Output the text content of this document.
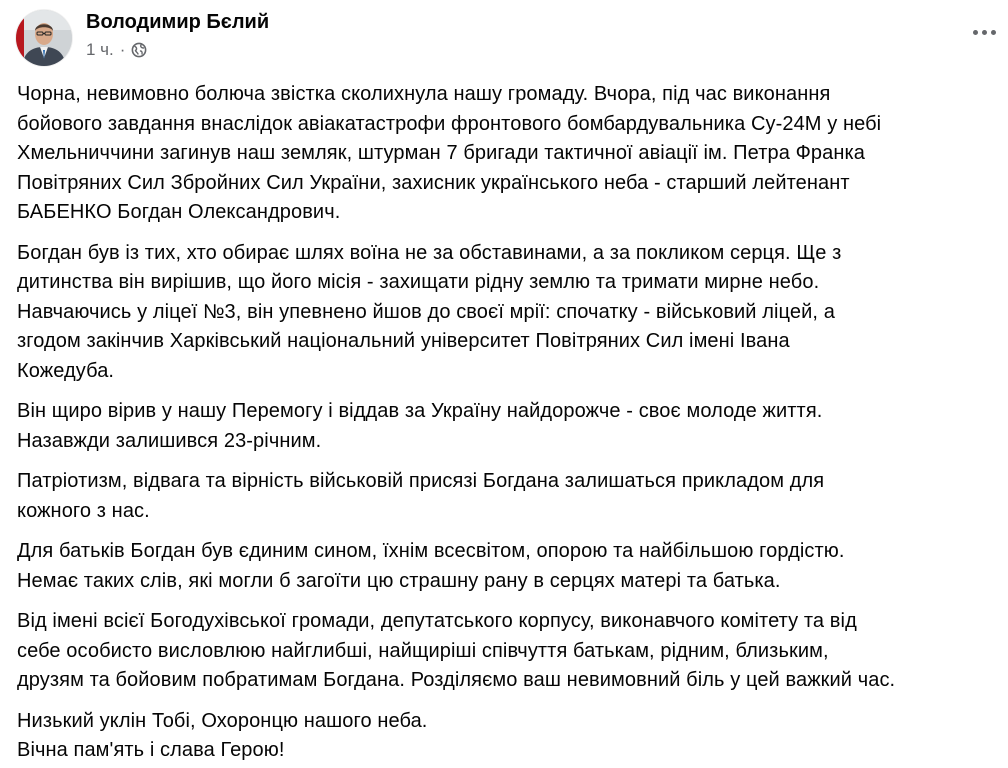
Володимир Бєлий
1 ч. ·

Чорна, невимовно болюча звістка сколихнула нашу громаду. Вчора, під час виконання
бойового завдання внаслідок авіакатастрофи фронтового бомбардувальника Су-24М у небі
Хмельниччини загинув наш земляк, штурман 7 бригади тактичної авіації ім. Петра Франка
Повітряних Сил Збройних Сил України, захисник українського неба - старший лейтенант
БАБЕНКО Богдан Олександрович.

Богдан був із тих, хто обирає шлях воїна не за обставинами, а за покликом серця. Ще з
дитинства він вирішив, що його місія - захищати рідну землю та тримати мирне небо.
Навчаючись у ліцеї №3, він упевнено йшов до своєї мрії: спочатку - військовий ліцей, а
згодом закінчив Харківський національний університет Повітряних Сил імені Івана
Кожедуба.

Він щиро вірив у нашу Перемогу і віддав за Україну найдорожче - своє молоде життя.
Назавжди залишився 23-річним.

Патріотизм, відвага та вірність військовій присязі Богдана залишаться прикладом для
кожного з нас.

Для батьків Богдан був єдиним сином, їхнім всесвітом, опорою та найбільшою гордістю.
Немає таких слів, які могли б загоїти цю страшну рану в серцях матері та батька.

Від імені всієї Богодухівської громади, депутатського корпусу, виконавчого комітету та від
себе особисто висловлюю найглибші, найщиріші співчуття батькам, рідним, близьким,
друзям та бойовим побратимам Богдана. Розділяємо ваш невимовний біль у цей важкий час.

Низький уклін Тобі, Охоронцю нашого неба.
Вічна пам'ять і слава Герою!
